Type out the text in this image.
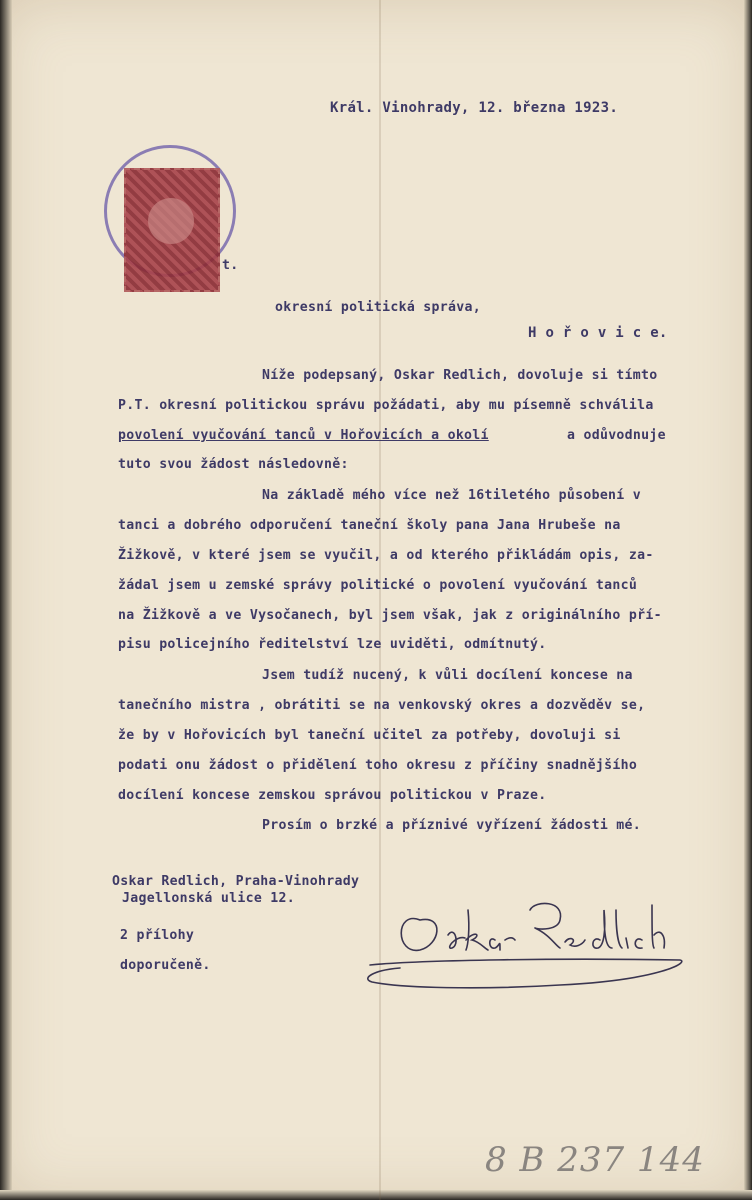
Král. Vinohrady, 12. března 1923.
t.
okresní politická správa,
H o ř o v i c e.
Níže podepsaný, Oskar Redlich, dovoluje si tímto
P.T. okresní politickou správu požádati, aby mu písemně schválila
povolení vyučování tanců v Hořovicích a okolí	a odůvodnuje
tuto svou žádost následovně:
Na základě mého více než 16tiletého působení v
tanci a dobrého odporučení taneční školy pana Jana Hrubeše na
Žižkově, v které jsem se vyučil, a od kterého přikládám opis, za-
žádal jsem u zemské správy politické o povolení vyučování tanců
na Žižkově a ve Vysočanech, byl jsem však, jak z originálního pří-
pisu policejního ředitelství lze uviděti, odmítnutý.
Jsem tudíž nucený, k vůli docílení koncese na
tanečního mistra , obrátiti se na venkovský okres a dozvěděv se,
že by v Hořovicích byl taneční učitel za potřeby, dovoluji si
podati onu žádost o přidělení toho okresu z příčiny snadnějšího
docílení koncese zemskou správou politickou v Praze.
Prosím o brzké a příznivé vyřízení žádosti mé.
Oskar Redlich, Praha-Vinohrady
Jagellonská ulice 12.
2 přílohy
doporučeně.
8 B 237 144
